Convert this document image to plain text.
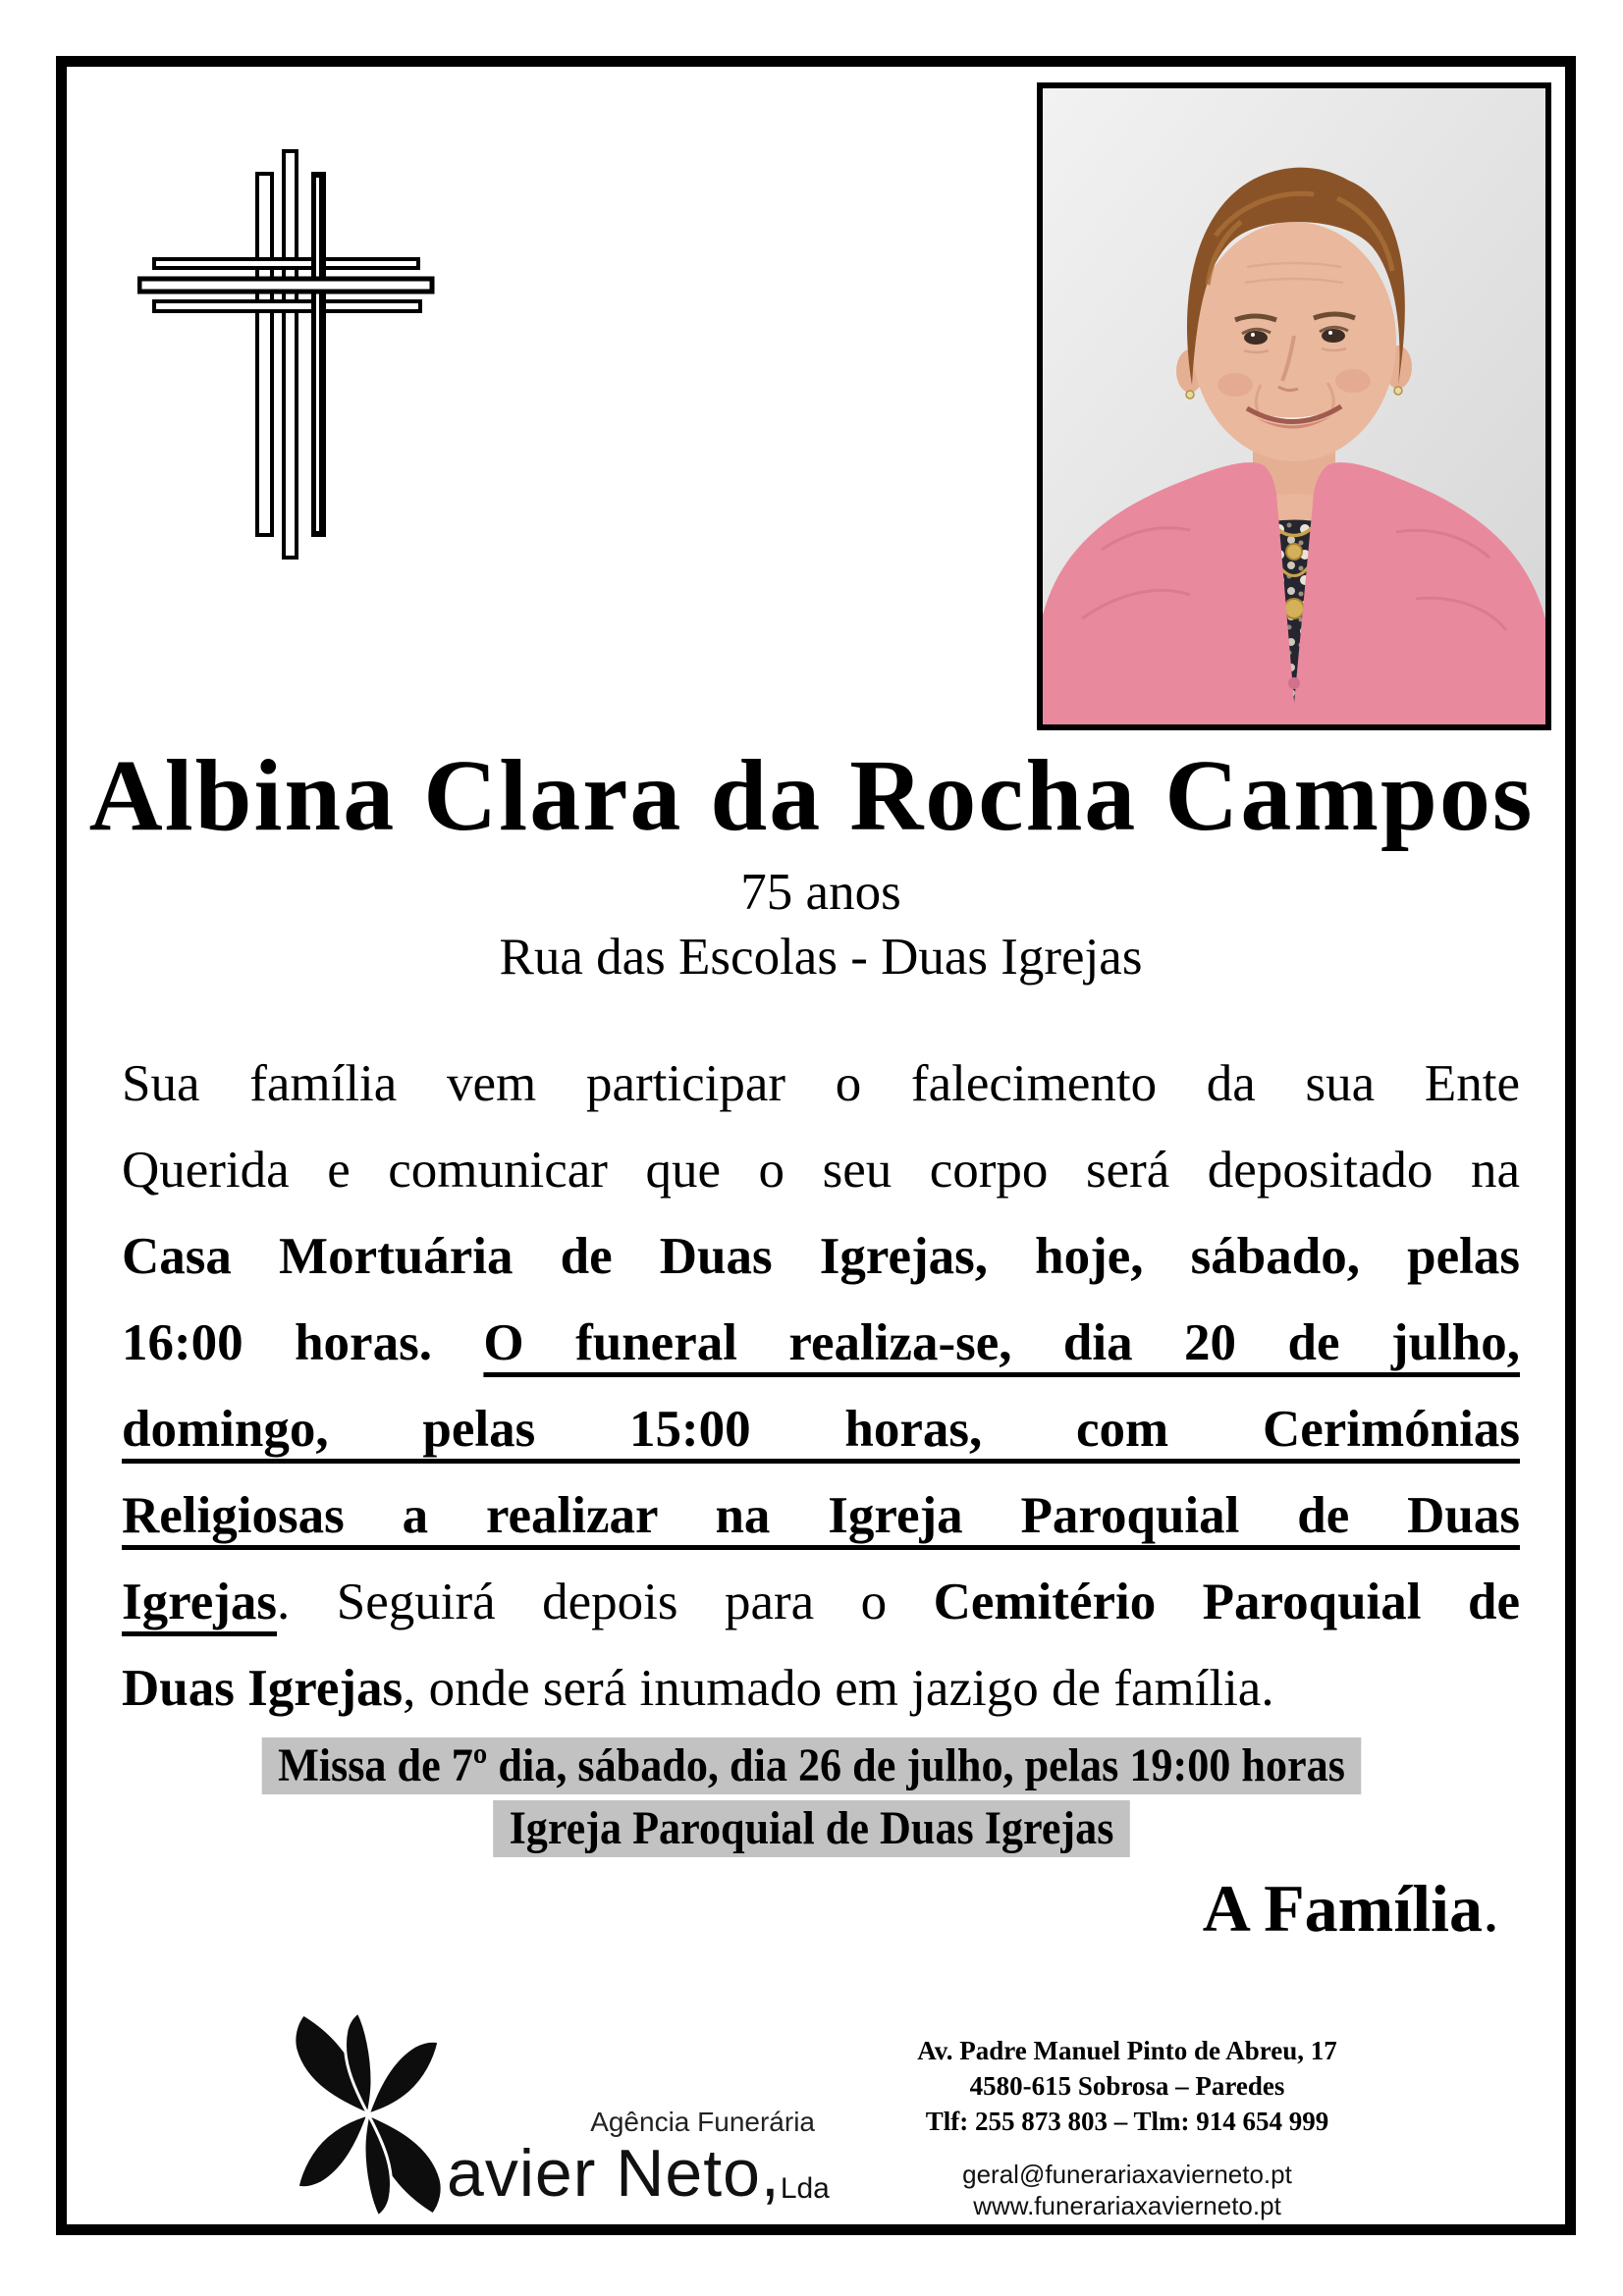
Albina Clara da Rocha Campos
75 anos
Rua das Escolas - Duas Igrejas
Sua família vem participar o falecimento da sua Ente
Querida e comunicar que o seu corpo será depositado na
Casa Mortuária de Duas Igrejas, hoje, sábado, pelas
16:00 horas. O funeral realiza-se, dia 20 de julho,
domingo, pelas 15:00 horas, com Cerimónias
Religiosas a realizar na Igreja Paroquial de Duas
Igrejas. Seguirá depois para o Cemitério Paroquial de
Duas Igrejas, onde será inumado em jazigo de família.
Missa de 7º dia, sábado, dia 26 de julho, pelas 19:00 horas
Igreja Paroquial de Duas Igrejas
A Família.
Agência Funerária
avier Neto,Lda
Av. Padre Manuel Pinto de Abreu, 17
4580-615 Sobrosa – Paredes
Tlf: 255 873 803 – Tlm: 914 654 999
geral@funerariaxavierneto.pt
www.funerariaxavierneto.pt
